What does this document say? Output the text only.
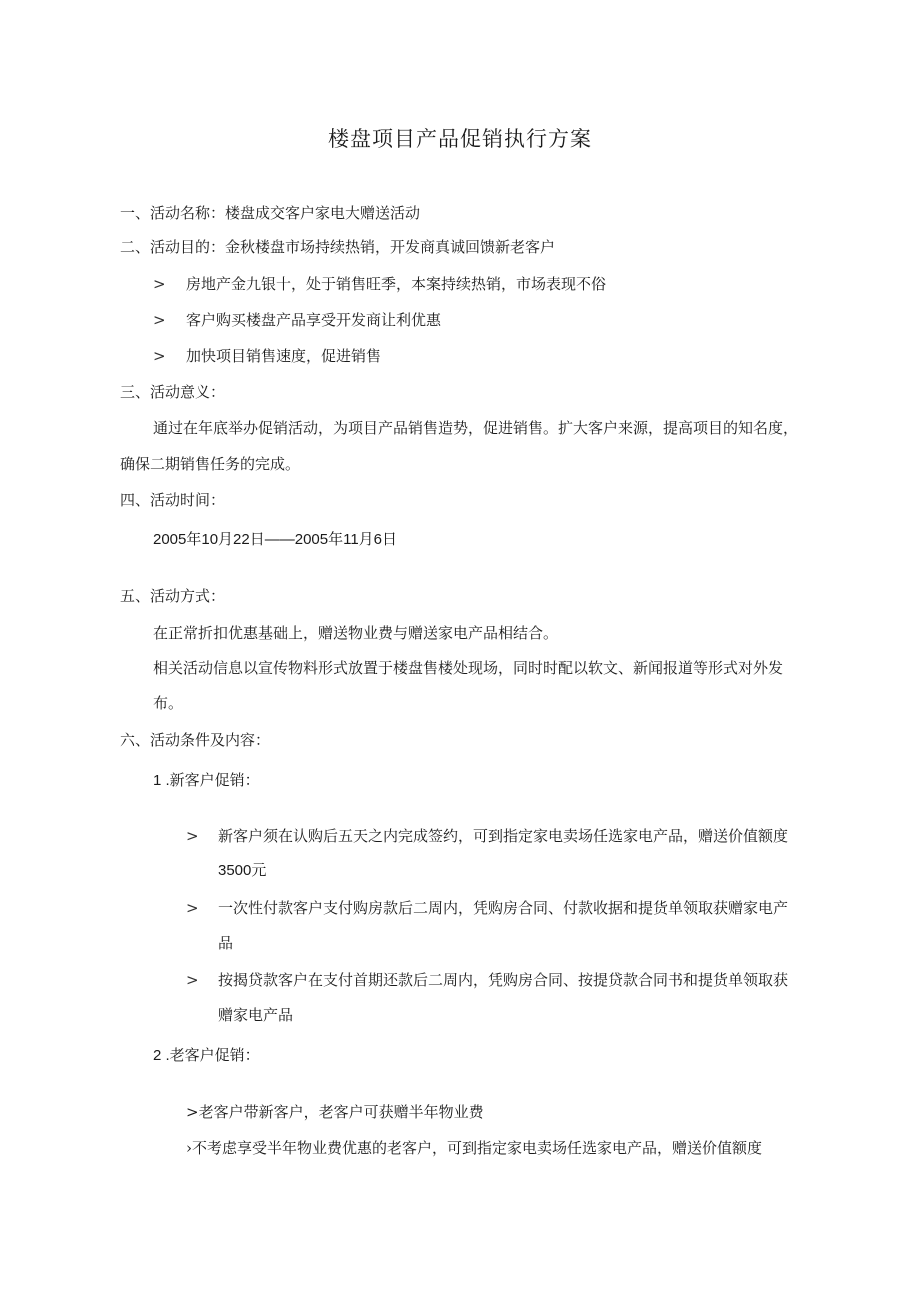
楼盘项目产品促销执行方案
一、活动名称：楼盘成交客户家电大赠送活动
二、活动目的：金秋楼盘市场持续热销，开发商真诚回馈新老客户
> 房地产金九银十，处于销售旺季，本案持续热销，市场表现不俗
> 客户购买楼盘产品享受开发商让利优惠
> 加快项目销售速度，促进销售
三、活动意义：
通过在年底举办促销活动，为项目产品销售造势，促进销售。扩大客户来源，提高项目的知名度，
确保二期销售任务的完成。
四、活动时间：
2005年10月22日——2005年11月6日
五、活动方式：
在正常折扣优惠基础上，赠送物业费与赠送家电产品相结合。
相关活动信息以宣传物料形式放置于楼盘售楼处现场，同时时配以软文、新闻报道等形式对外发
布。
六、活动条件及内容：
1 .新客户促销：
> 新客户须在认购后五天之内完成签约，可到指定家电卖场任选家电产品，赠送价值额度
3500元
> 一次性付款客户支付购房款后二周内，凭购房合同、付款收据和提货单领取获赠家电产
品
> 按揭贷款客户在支付首期还款后二周内，凭购房合同、按提贷款合同书和提货单领取获
赠家电产品
2 .老客户促销：
>老客户带新客户，老客户可获赠半年物业费
›不考虑享受半年物业费优惠的老客户，可到指定家电卖场任选家电产品，赠送价值额度
